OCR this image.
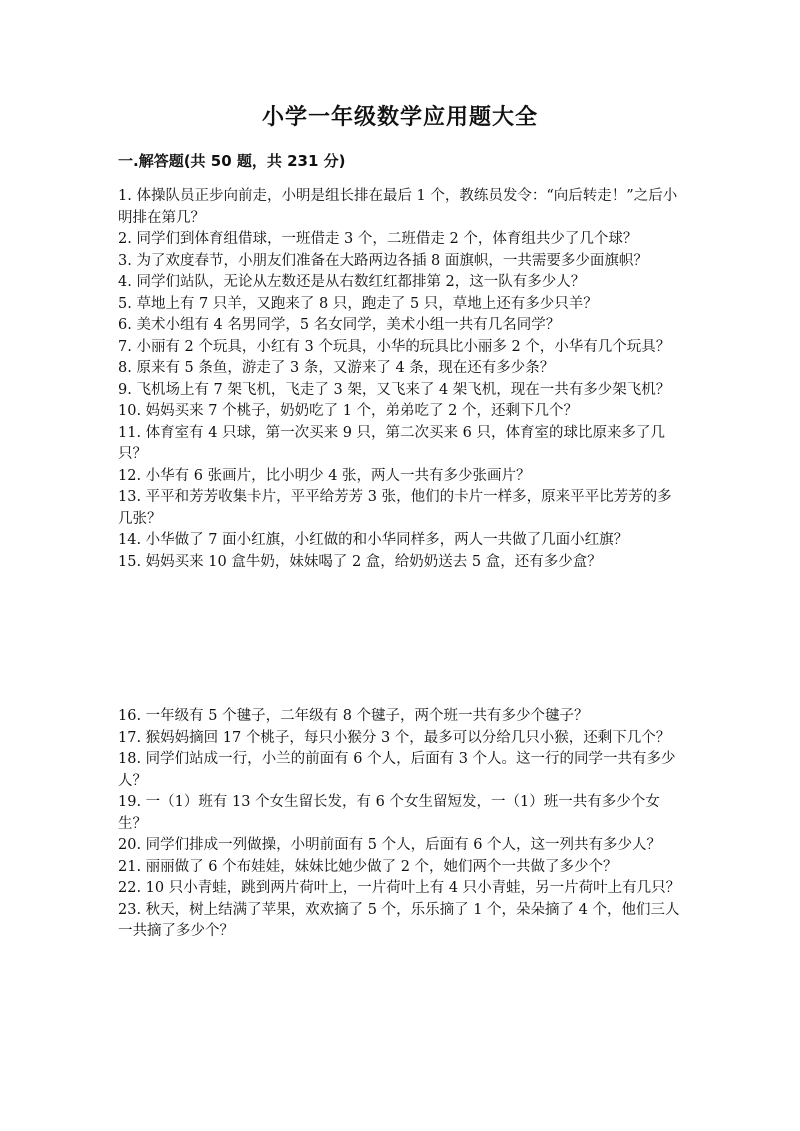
小学一年级数学应用题大全
一.解答题(共 50 题，共 231 分)

1. 体操队员正步向前走，小明是组长排在最后 1 个，教练员发令：“向后转走！”之后小明排在第几？

2. 同学们到体育组借球，一班借走 3 个，二班借走 2 个，体育组共少了几个球？

3. 为了欢度春节，小朋友们准备在大路两边各插 8 面旗帜，一共需要多少面旗帜？

4. 同学们站队，无论从左数还是从右数红红都排第 2，这一队有多少人？

5. 草地上有 7 只羊，又跑来了 8 只，跑走了 5 只，草地上还有多少只羊？

6. 美术小组有 4 名男同学，5 名女同学，美术小组一共有几名同学？

7. 小丽有 2 个玩具，小红有 3 个玩具，小华的玩具比小丽多 2 个，小华有几个玩具？

8. 原来有 5 条鱼，游走了 3 条，又游来了 4 条，现在还有多少条？

9. 飞机场上有 7 架飞机，飞走了 3 架，又飞来了 4 架飞机，现在一共有多少架飞机？

10. 妈妈买来 7 个桃子，奶奶吃了 1 个，弟弟吃了 2 个，还剩下几个？

11. 体育室有 4 只球，第一次买来 9 只，第二次买来 6 只，体育室的球比原来多了几只？

12. 小华有 6 张画片，比小明少 4 张，两人一共有多少张画片？

13. 平平和芳芳收集卡片，平平给芳芳 3 张，他们的卡片一样多，原来平平比芳芳的多几张？

14. 小华做了 7 面小红旗，小红做的和小华同样多，两人一共做了几面小红旗？

15. 妈妈买来 10 盒牛奶，妹妹喝了 2 盒，给奶奶送去 5 盒，还有多少盒？

16. 一年级有 5 个毽子，二年级有 8 个毽子，两个班一共有多少个毽子？

17. 猴妈妈摘回 17 个桃子，每只小猴分 3 个，最多可以分给几只小猴，还剩下几个？

18. 同学们站成一行，小兰的前面有 6 个人，后面有 3 个人。这一行的同学一共有多少人？

19. 一（1）班有 13 个女生留长发，有 6 个女生留短发，一（1）班一共有多少个女生？

20. 同学们排成一列做操，小明前面有 5 个人，后面有 6 个人，这一列共有多少人？

21. 丽丽做了 6 个布娃娃，妹妹比她少做了 2 个，她们两个一共做了多少个？

22. 10 只小青蛙，跳到两片荷叶上，一片荷叶上有 4 只小青蛙，另一片荷叶上有几只？

23. 秋天，树上结满了苹果，欢欢摘了 5 个，乐乐摘了 1 个，朵朵摘了 4 个，他们三人一共摘了多少个？
